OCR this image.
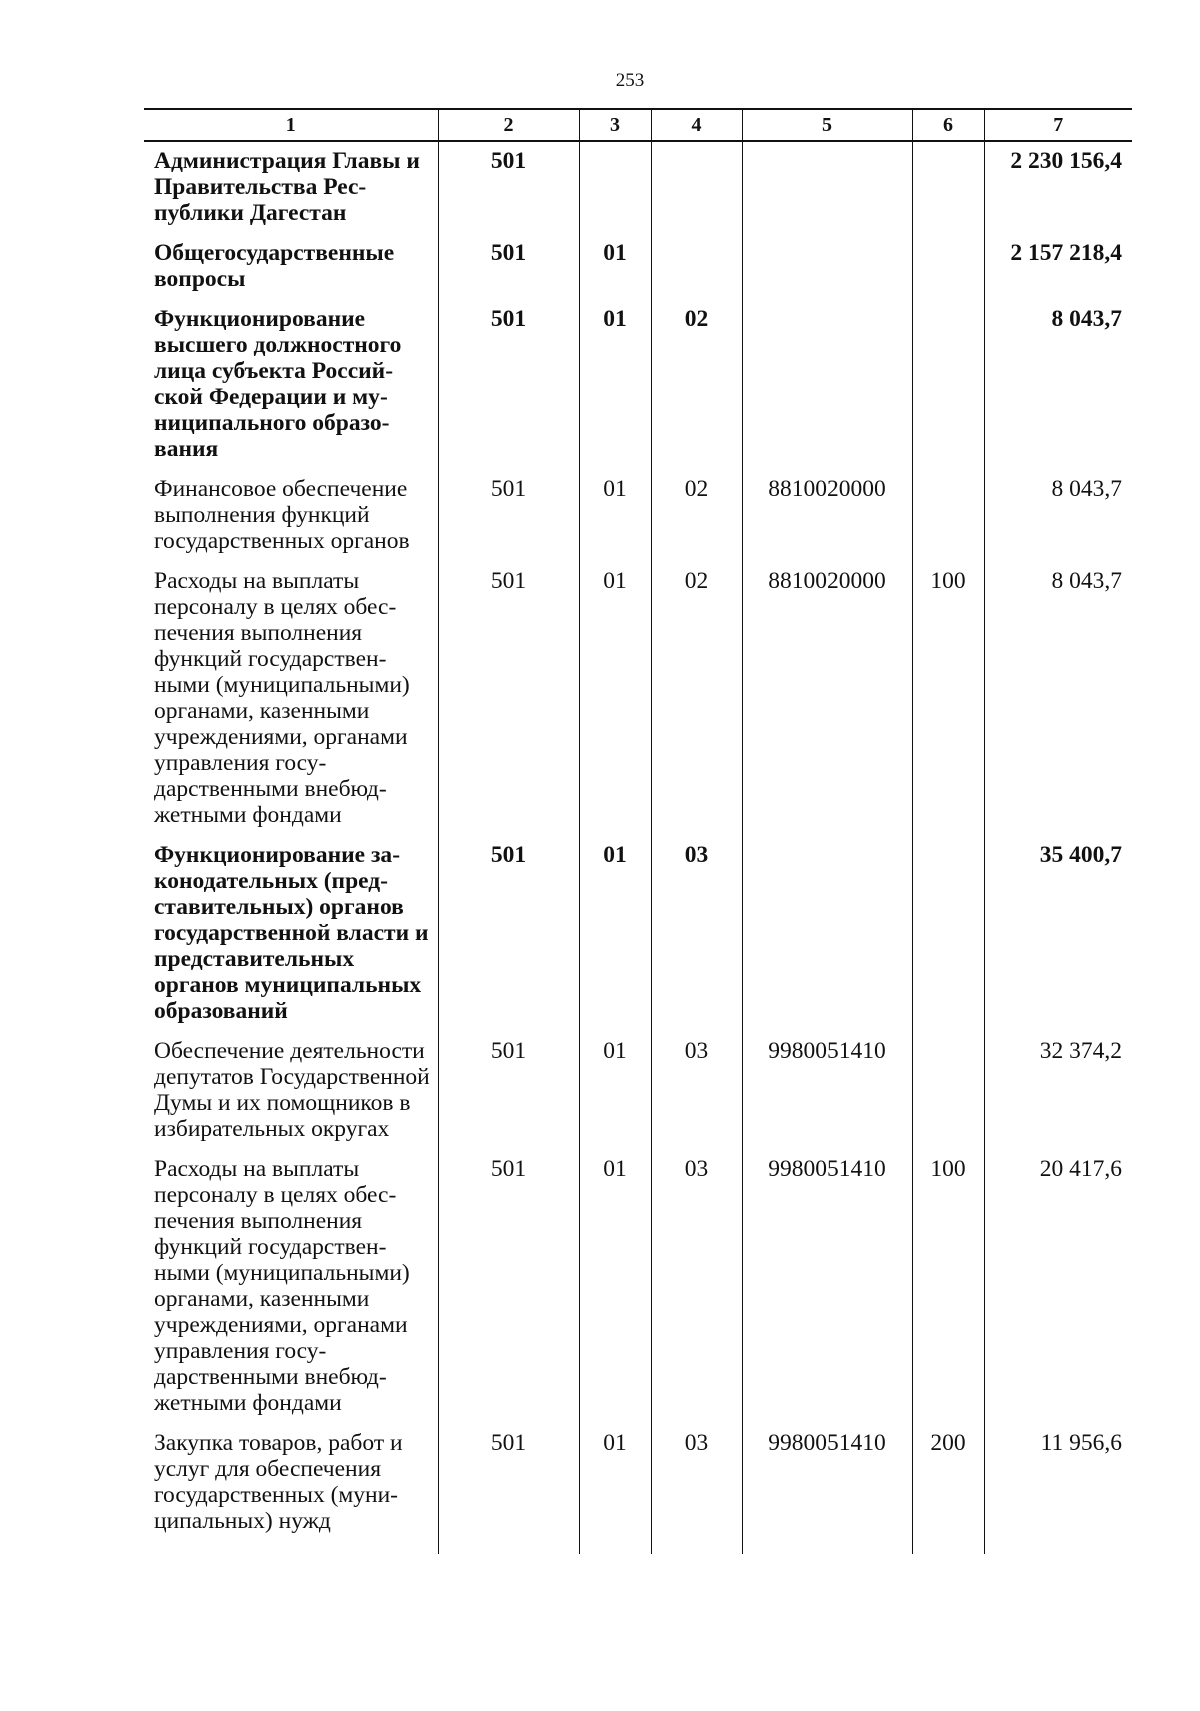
253
1	2	3	4	5	6	7
Администрация Главы и Правительства Республики Дагестан	501					2 230 156,4
Общегосударственные вопросы	501	01				2 157 218,4
Функционирование высшего должностного лица субъекта Российской Федерации и муниципального образования	501	01	02			8 043,7
Финансовое обеспечение выполнения функций государственных органов	501	01	02	8810020000		8 043,7
Расходы на выплаты персоналу в целях обеспечения выполнения функций государственными (муниципальными) органами, казенными учреждениями, органами управления государственными внебюджетными фондами	501	01	02	8810020000	100	8 043,7
Функционирование законодательных (представительных) органов государственной власти и представительных органов муниципальных образований	501	01	03			35 400,7
Обеспечение деятельности депутатов Государственной Думы и их помощников в избирательных округах	501	01	03	9980051410		32 374,2
Расходы на выплаты персоналу в целях обеспечения выполнения функций государственными (муниципальными) органами, казенными учреждениями, органами управления государственными внебюджетными фондами	501	01	03	9980051410	100	20 417,6
Закупка товаров, работ и услуг для обеспечения государственных (муниципальных) нужд	501	01	03	9980051410	200	11 956,6
